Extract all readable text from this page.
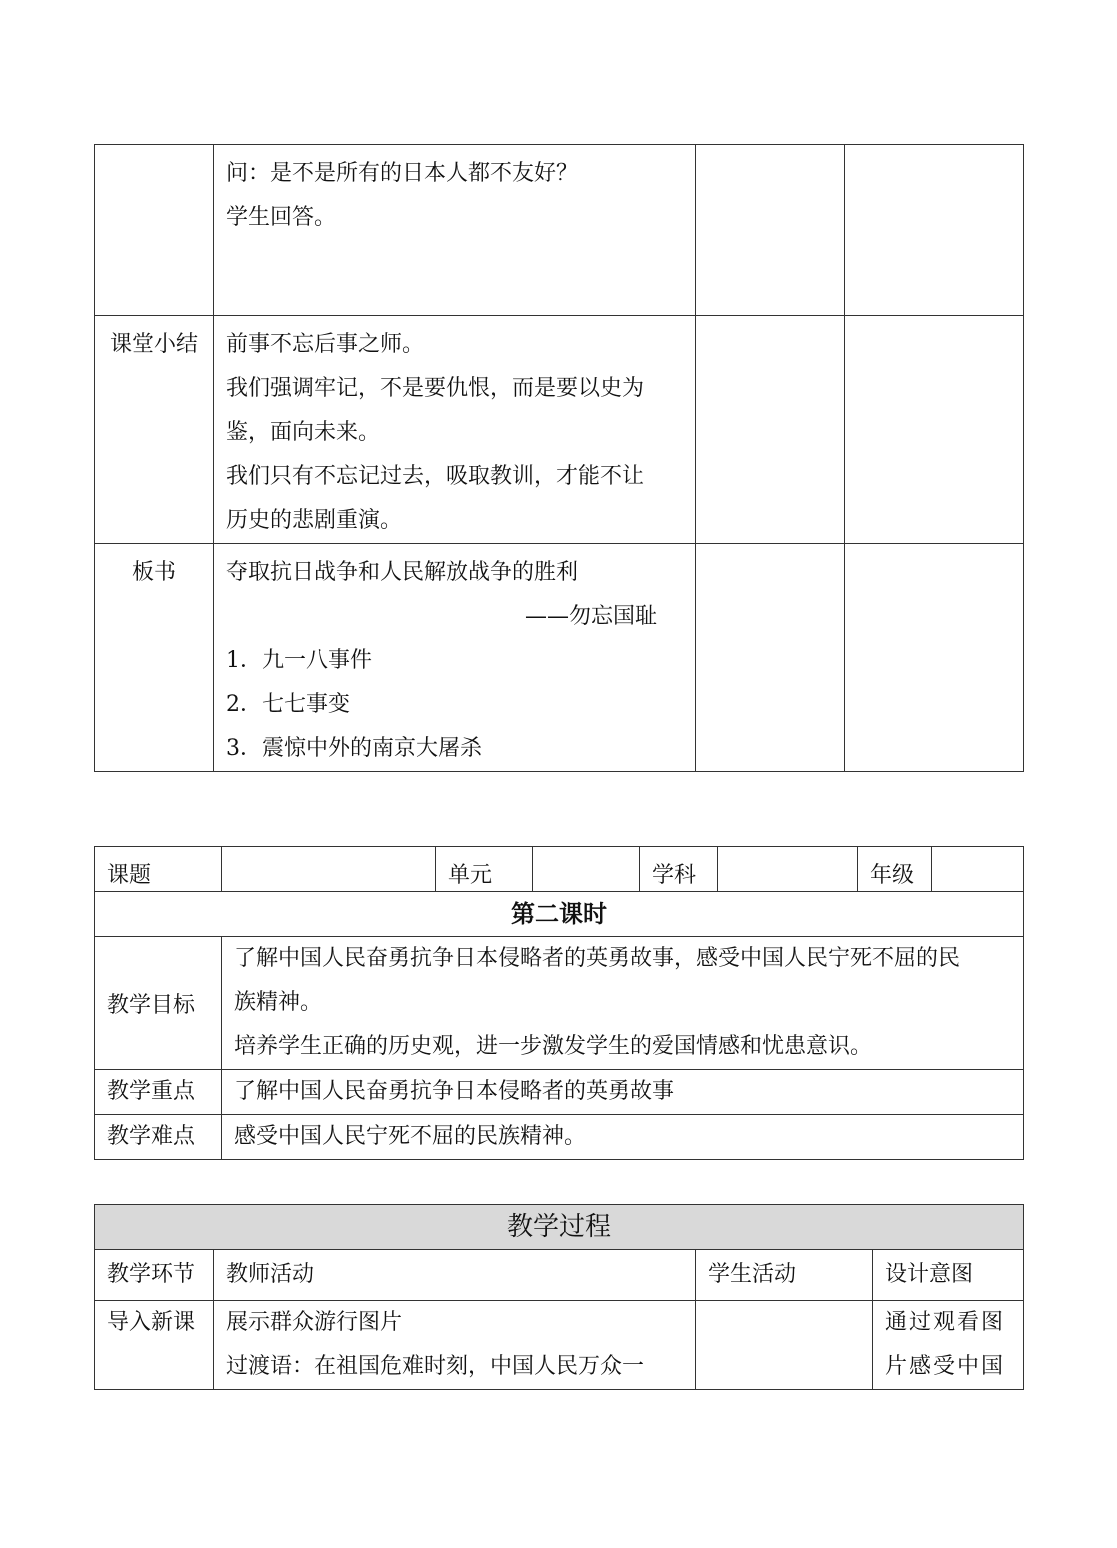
	问：是不是所有的日本人都不友好？
学生回答。		

课堂小结	前事不忘后事之师。
我们强调牢记，不是要仇恨，而是要以史为
鉴，面向未来。
我们只有不忘记过去，吸取教训，才能不让
历史的悲剧重演。		

板书	夺取抗日战争和人民解放战争的胜利
——勿忘国耻
1．九一八事件
2．七七事变
3．震惊中外的南京大屠杀		

课题		单元		学科		年级	
第二课时							
教学目标	了解中国人民奋勇抗争日本侵略者的英勇故事，感受中国人民宁死不屈的民
族精神。
培养学生正确的历史观，进一步激发学生的爱国情感和忧患意识。						

教学重点	了解中国人民奋勇抗争日本侵略者的英勇故事						
教学难点	感受中国人民宁死不屈的民族精神。						
教学过程			
教学环节	教师活动	学生活动	设计意图

导入新课	展示群众游行图片
过渡语：在祖国危难时刻，中国人民万众一		通过观看图
片感受中国
